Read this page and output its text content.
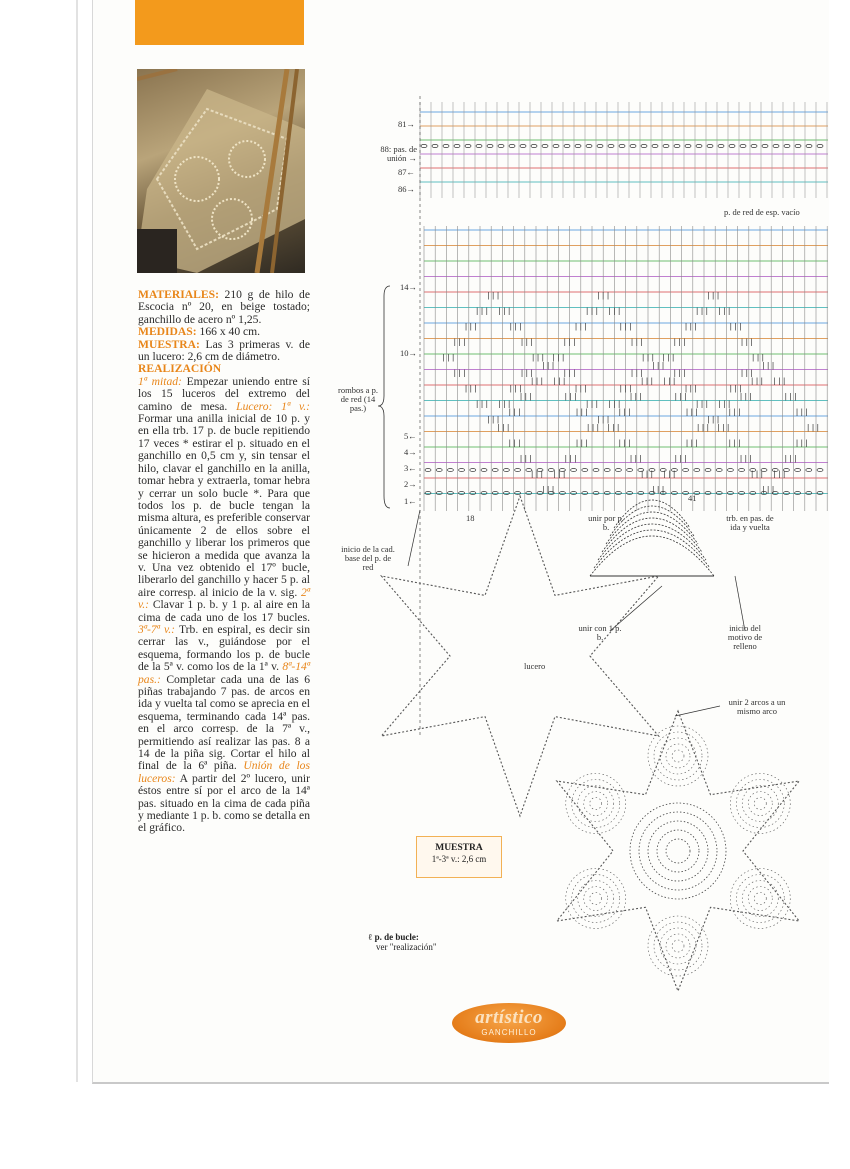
MATERIALES: 210 g de hilo de Escocia nº 20, en beige tostado; ganchillo de acero nº 1,25.

MEDIDAS: 166 x 40 cm.

MUESTRA: Las 3 primeras v. de un lucero: 2,6 cm de diámetro.

REALIZACIÓN

1ª mitad: Empezar uniendo entre sí los 15 luceros del extremo del camino de mesa. Lucero: 1ª v.: Formar una anilla inicial de 10 p. y en ella trb. 17 p. de bucle repitiendo 17 veces * estirar el p. situado en el ganchillo en 0,5 cm y, sin tensar el hilo, clavar el ganchillo en la anilla, tomar hebra y extraerla, tomar hebra y cerrar un solo bucle *. Para que todos los p. de bucle tengan la misma altura, es preferible conservar únicamente 2 de ellos sobre el ganchillo y liberar los primeros que se hicieron a medida que avanza la v. Una vez obtenido el 17º bucle, liberarlo del ganchillo y hacer 5 p. al aire corresp. al inicio de la v. sig. 2ª v.: Clavar 1 p. b. y 1 p. al aire en la cima de cada uno de los 17 bucles. 3ª-7ª v.: Trb. en espiral, es decir sin cerrar las v., guiándose por el esquema, formando los p. de bucle de la 5ª v. como los de la 1ª v. 8ª-14ª pas.: Completar cada una de las 6 piñas trabajando 7 pas. de arcos en ida y vuelta tal como se aprecia en el esquema, terminando cada 14ª pas. en el arco corresp. de la 7ª v., permitiendo así realizar las pas. 8 a 14 de la piña sig. Cortar el hilo al final de la 6ª piña. Unión de los luceros: A partir del 2º lucero, unir éstos entre sí por el arco de la 14ª pas. situado en la cima de cada piña y mediante 1 p. b. como se detalla en el gráfico.

|||
||| |||
|||	|||
|||	|||
|||	|||
|||	|||
|||	|||
||| |||
|||
|||
||| |||
|||	|||
|||	|||
|||	|||
|||	|||
|||	|||
||| |||
|||
|||
||| |||
|||	|||
|||	|||
|||	|||
|||	|||
|||	|||
||| |||
|||
|||
||| |||
|||	|||
|||	|||
|||	|||
|||	|||
|||	|||
||| |||
|||
|||
||| |||
|||	|||
|||	|||
|||	|||
|||	|||
|||	|||
||| |||
|||
|||
||| |||
|||	|||
|||	|||
|||	|||
|||	|||
|||	|||
||| |||
|||
81→
88: pas. de unión →
87←
86→
p. de red de esp. vacío
14→
10→
rombos a p. de red (14 pas.)
5←
4→
3←
2→
1←
18
41
unir por p. b.
trb. en pas. de ida y vuelta
inicio de la cad. base del p. de red
unir con 1 p. b.
inicio del motivo de relleno
lucero
unir 2 arcos a un mismo arco
MUESTRA
1ª-3ª v.: 2,6 cm
ℓ p. de bucle:
ver "realización"
artístico
GANCHILLO
